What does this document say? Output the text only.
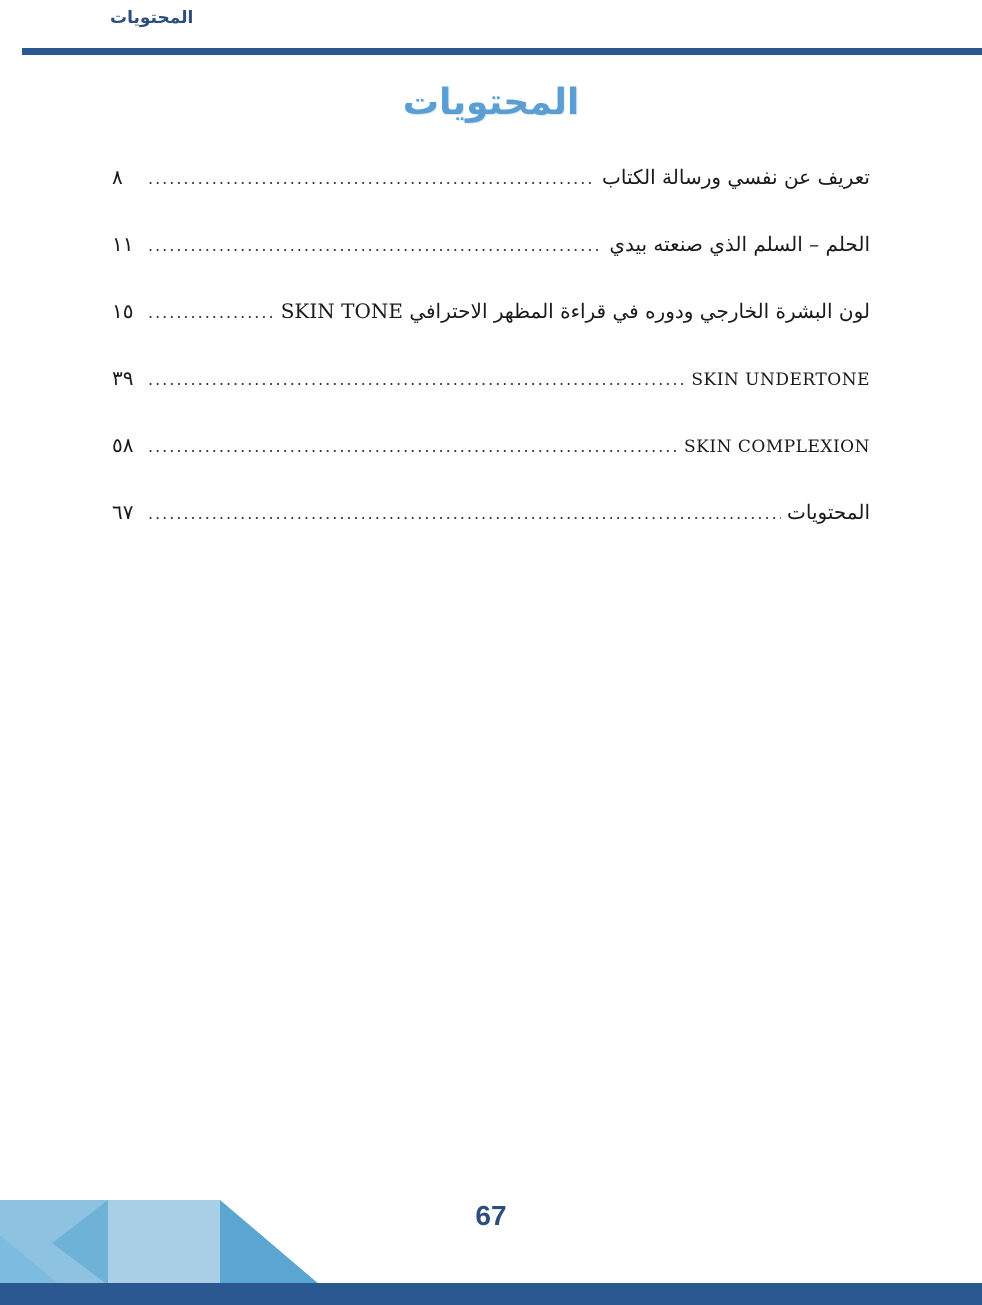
المحتويات
المحتويات
تعريف عن نفسي ورسالة الكتاب
.....
٨
الحلم – السلم الذي صنعته بيدي
.....
١١
SKIN TONE لون البشرة الخارجي ودوره في قراءة المظهر الاحترافي
.....
١٥
SKIN UNDERTONE
.....
٣٩
SKIN COMPLEXION
.....
٥٨
المحتويات
.....
٦٧
67
